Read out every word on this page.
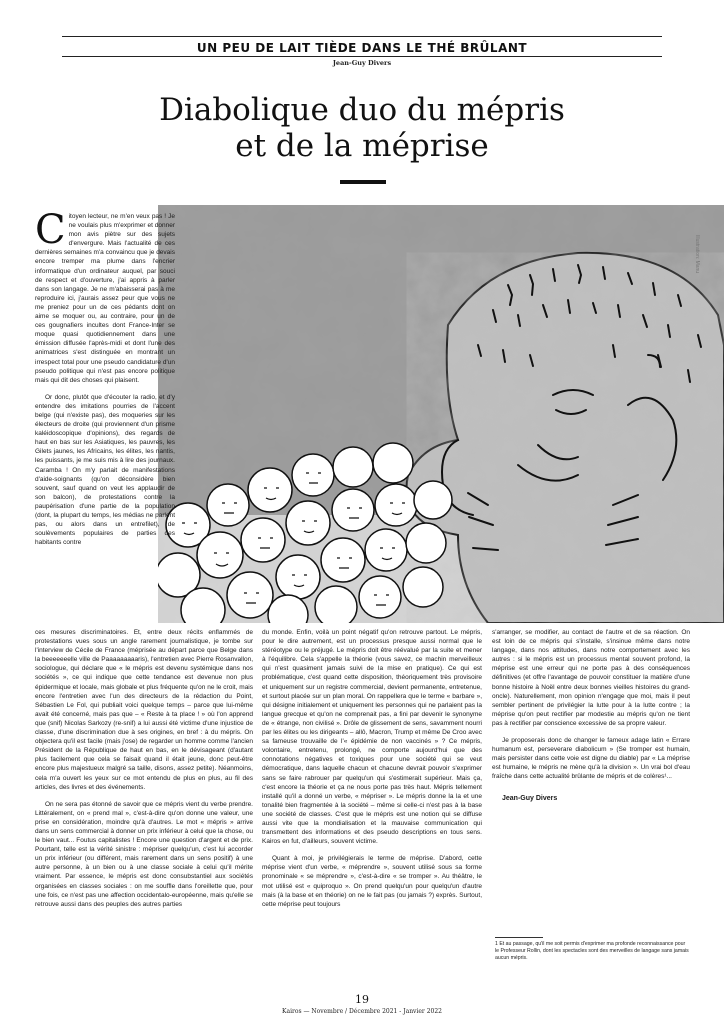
UN PEU DE LAIT TIÈDE DANS LE THÉ BRÛLANT
Jean-Guy Divers
Diabolique duo du mépris
et de la méprise
Illustration: Manu

Citoyen lecteur, ne m'en veux pas ! Je ne voulais plus m'exprimer et donner mon avis piètre sur des sujets d'envergure. Mais l'actualité de ces dernières semaines m'a convaincu que je devais encore tremper ma plume dans l'encrier informatique d'un ordinateur auquel, par souci de respect et d'ouverture, j'ai appris à parler dans son langage. Je ne m'abaisserai pas à me reproduire ici, j'aurais assez peur que vous ne me preniez pour un de ces pédants dont on aime se moquer ou, au contraire, pour un de ces gougnafiers incultes dont France-Inter se moque quasi quotidiennement dans une émission diffusée l'après-midi et dont l'une des animatrices s'est distinguée en montrant un irrespect total pour une pseudo candidature d'un pseudo politique qui n'est pas encore politique mais qui dit des choses qui plaisent.

Or donc, plutôt que d'écouter la radio, et d'y entendre des imitations pourries de l'accent belge (qui n'existe pas), des moqueries sur les électeurs de droite (qui proviennent d'un prisme kaléidoscopique d'opinions), des regards de haut en bas sur les Asiatiques, les pauvres, les Gilets jaunes, les Africains, les élites, les nantis, les puissants, je me suis mis à lire des journaux. Caramba ! On m'y parlait de manifestations d'aide-soignants (qu'on déconsidère bien souvent, sauf quand on veut les applaudir de son balcon), de protestations contre la paupérisation d'une partie de la population (dont, la plupart du temps, les médias ne parlent pas, ou alors dans un entrefilet), de soulèvements populaires de parties des habitants contre

ces mesures discriminatoires. Et, entre deux récits enflammés de protestations vues sous un angle rarement journalistique, je tombe sur l'interview de Cécile de France (méprisée au départ parce que Belge dans la beeeeeeelle ville de Paaaaaaaaaris), l'entretien avec Pierre Rosanvallon, sociologue, qui déclare que « le mépris est devenu systémique dans nos sociétés », ce qui indique que cette tendance est devenue non plus épidermique et locale, mais globale et plus fréquente qu'on ne le croit, mais encore l'entretien avec l'un des directeurs de la rédaction du Point, Sébastien Le Fol, qui publiait voici quelque temps – parce que lui-même avait été concerné, mais pas que – « Reste à ta place ! » où l'on apprend que (snif) Nicolas Sarkozy (re-snif) a lui aussi été victime d'une injustice de classe, d'une discrimination due à ses origines, en bref : à du mépris. On objectera qu'il est facile (mais j'ose) de regarder un homme comme l'ancien Président de la République de haut en bas, en le dévisageant (d'autant plus facilement que cela se faisait quand il était jeune, donc peut-être encore plus majestueux malgré sa taille, disons, assez petite). Néanmoins, cela m'a ouvert les yeux sur ce mot entendu de plus en plus, au fil des articles, des livres et des événements.

On ne sera pas étonné de savoir que ce mépris vient du verbe prendre. Littéralement, on « prend mal », c'est-à-dire qu'on donne une valeur, une prise en considération, moindre qu'à d'autres. Le mot « mépris » arrive dans un sens commercial à donner un prix inférieur à celui que la chose, ou le bien vaut... Foutus capitalistes ! Encore une question d'argent et de prix. Pourtant, telle est la vérité sinistre : mépriser quelqu'un, c'est lui accorder un prix inférieur (ou différent, mais rarement dans un sens positif) à une autre personne, à un bien ou à une classe sociale à celui qu'il mérite vraiment. Par essence, le mépris est donc consubstantiel aux sociétés organisées en classes sociales : on me souffle dans l'oreillette que, pour une fois, ce n'est pas une affection occidentalo-européenne, mais qu'elle se retrouve aussi dans des peuples des autres parties

du monde. Enfin, voilà un point négatif qu'on retrouve partout. Le mépris, pour le dire autrement, est un processus presque aussi normal que le stéréotype ou le préjugé. Le mépris doit être réévalué par la suite et mener à l'équilibre. Cela s'appelle la théorie (vous savez, ce machin merveilleux qui n'est quasiment jamais suivi de la mise en pratique). Ce qui est problématique, c'est quand cette disposition, théoriquement très provisoire et uniquement sur un registre commercial, devient permanente, entretenue, et surtout placée sur un plan moral. On rappellera que le terme « barbare », qui désigne initialement et uniquement les personnes qui ne parlaient pas la langue grecque et qu'on ne comprenait pas, a fini par devenir le synonyme de « étrange, non civilisé ». Drôle de glissement de sens, savamment nourri par les élites ou les dirigeants – allô, Macron, Trump et même De Croo avec sa fameuse trouvaille de l'« épidémie de non vaccinés » ? Ce mépris, volontaire, entretenu, prolongé, ne comporte aujourd'hui que des connotations négatives et toxiques pour une société qui se veut démocratique, dans laquelle chacun et chacune devrait pouvoir s'exprimer sans se faire rabrouer par quelqu'un qui s'estimerait supérieur. Mais ça, c'est encore la théorie et ça ne nous porte pas très haut. Mépris tellement installé qu'il a donné un verbe, « mépriser ». Le mépris donne la la et une tonalité bien fragmentée à la société – même si celle-ci n'est pas à la base une société de classes. C'est que le mépris est une notion qui se diffuse aussi vite que la mondialisation et la mauvaise communication qui transmettent des informations et des pseudo descriptions en tous sens. Kairos en fut, d'ailleurs, souvent victime.

Quant à moi, je privilégierais le terme de méprise. D'abord, cette méprise vient d'un verbe, « méprendre », souvent utilisé sous sa forme pronominale « se méprendre », c'est-à-dire « se tromper ». Au théâtre, le mot utilisé est « quiproquo ». On prend quelqu'un pour quelqu'un d'autre mais (à la base et en théorie) on ne le fait pas (ou jamais ?) exprès. Surtout, cette méprise peut toujours

s'arranger, se modifier, au contact de l'autre et de sa réaction. On est loin de ce mépris qui s'installe, s'insinue même dans notre langage, dans nos attitudes, dans notre comportement avec les autres : si le mépris est un processus mental souvent profond, la méprise est une erreur qui ne porte pas à des conséquences définitives (et offre l'avantage de pouvoir constituer la matière d'une bonne histoire à Noël entre deux bonnes vieilles histoires du grand-oncle). Naturellement, mon opinion n'engage que moi, mais il peut sembler pertinent de privilégier la lutte pour à la lutte contre ; la méprise qu'on peut rectifier par modestie au mépris qu'on ne tient pas à rectifier par conscience excessive de sa propre valeur.

Je proposerais donc de changer le fameux adage latin « Errare humanum est, perseverare diabolicum » (Se tromper est humain, mais persister dans cette voie est digne du diable) par « La méprise est humaine, le mépris ne mène qu'à la division ». Un vrai bol d'eau fraîche dans cette actualité brûlante de mépris et de colères¹...

Jean-Guy Divers
1 Et au passage, qu'il me soit permis d'exprimer ma profonde reconnaissance pour le Professeur Rollin, dont les spectacles sont des merveilles de langage sans jamais aucun mépris.
19
Kairos — Novembre / Décembre 2021 - Janvier 2022
